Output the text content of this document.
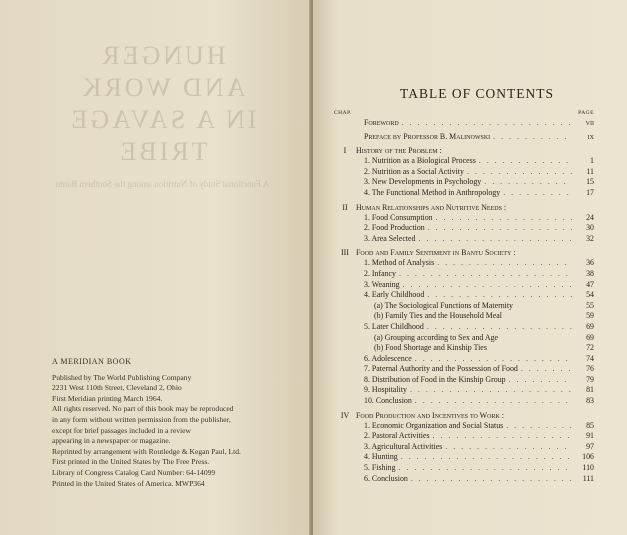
HUNGER
AND WORK
IN A SAVAGE TRIBE
A Functional Study of Nutrition among the Southern Bantu
A MERIDIAN BOOK
Published by The World Publishing Company
2231 West 110th Street, Cleveland 2, Ohio
First Meridian printing March 1964.
All rights reserved. No part of this book may be reproduced
in any form without written permission from the publisher,
except for brief passages included in a review
appearing in a newspaper or magazine.
Reprinted by arrangement with Routledge & Kegan Paul, Ltd.
First printed in the United States by The Free Press.
Library of Congress Catalog Card Number: 64-14099
Printed in the United States of America. MWP364
TABLE OF CONTENTS
CHAP.	PAGE
Foreword . . .	vii
Preface by Professor B. Malinowski . . .	ix
I History of the Problem :
1. Nutrition as a Biological Process . . .	1
2. Nutrition as a Social Activity . . .	11
3. New Developments in Psychology . . .	15
4. The Functional Method in Anthropology . . .	17
II Human Relationships and Nutritive Needs :
1. Food Consumption . . .	24
2. Food Production . . .	30
3. Area Selected . . .	32
III Food and Family Sentiment in Bantu Society :
1. Method of Analysis . . .	36
2. Infancy . . .	38
3. Weaning . . .	47
4. Early Childhood . . .	54
(a) The Sociological Functions of Maternity	55
(b) Family Ties and the Household Meal	59
5. Later Childhood . . .	69
(a) Grouping according to Sex and Age	69
(b) Food Shortage and Kinship Ties	72
6. Adolescence . . .	74
7. Paternal Authority and the Possession of Food . . .	76
8. Distribution of Food in the Kinship Group . . .	79
9. Hospitality . . .	81
10. Conclusion . . .	83
IV Food Production and Incentives to Work :
1. Economic Organization and Social Status . . .	85
2. Pastoral Activities . . .	91
3. Agricultural Activities . . .	97
4. Hunting . . .	106
5. Fishing . . .	110
6. Conclusion . . .	111
